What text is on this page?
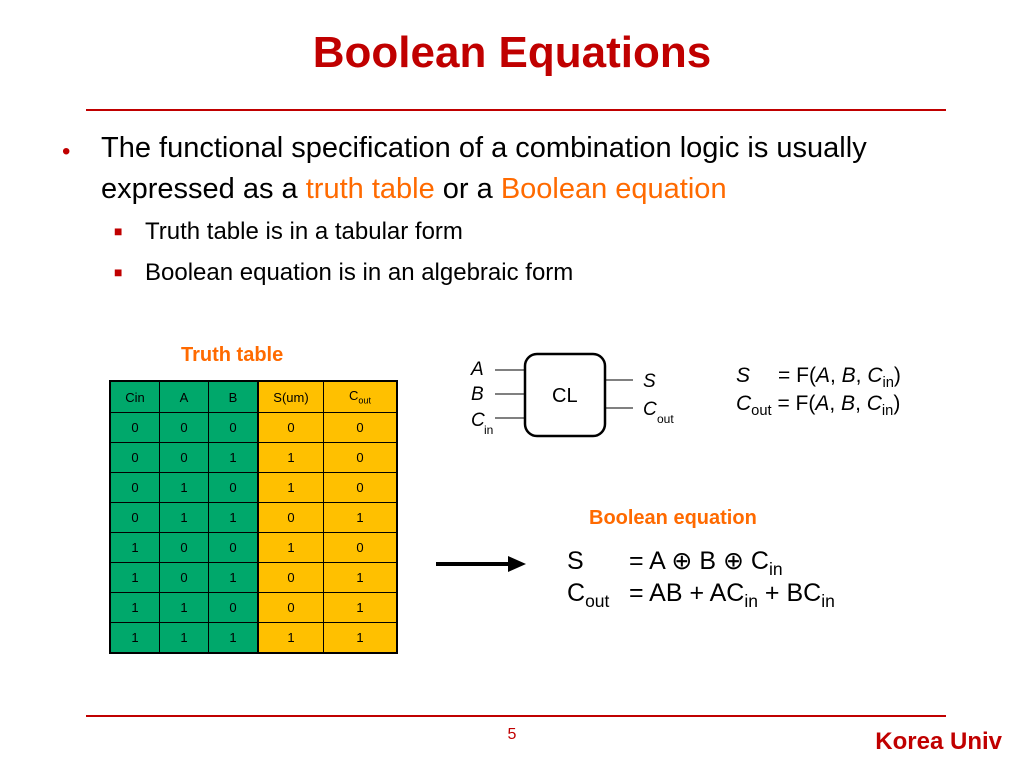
Boolean Equations
• The functional specification of a combination logic is usually expressed as a truth table or a Boolean equation
■ Truth table is in a tabular form
■ Boolean equation is in an algebraic form
Truth table
Cin	A	B	S(um)	$C_{out}$
0	0	0	0	0
0	0	1	1	0
0	1	0	1	0
0	1	1	0	1
1	0	0	1	0
1	0	1	0	1
1	1	0	0	1
1	1	1	1	1
A
B
C in
CL
S
C out
S = F(A, B, $C_{in}$)
$C_{out} = F(A$, B, $C_{in}$)
Boolean equation
S = A ⊕ B ⊕ $C_{in}$
$C_{out}$ = AB + $AC_{in} + BC_{in}$
5	Korea Univ
